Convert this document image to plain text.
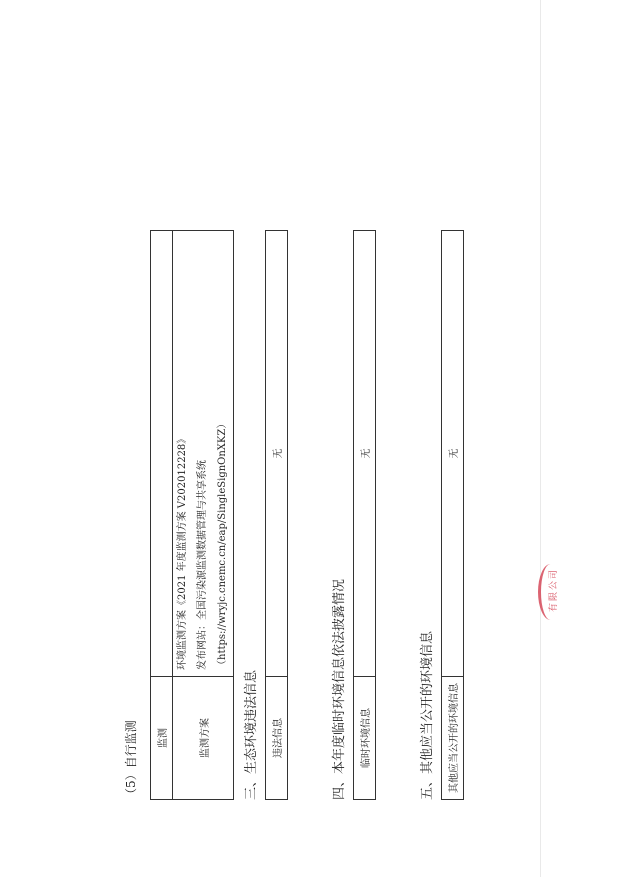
（5）自行监测 监测	
监测方案	环境监测方案《2021 年度监测方案 V202012228》 发布网站：全国污染源监测数据管理与共享系统（https://wryjc.cnemc.cn/eap/SingleSignOnXKZ）
三、生态环境违法信息 违法信息	无
四、本年度临时环境信息依法披露情况 临时环境信息	无
五、其他应当公开的环境信息 其他应当公开的环境信息	无
有限公司
